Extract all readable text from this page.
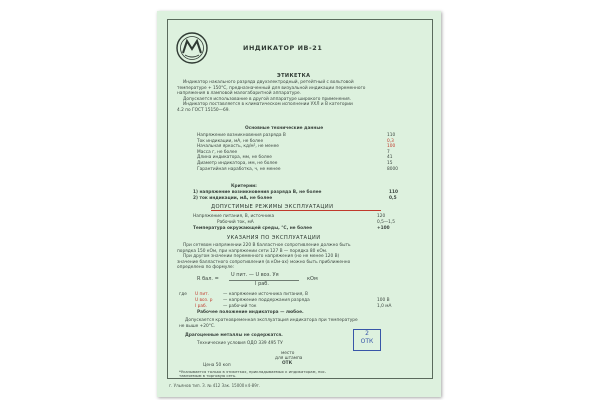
ИНДИКАТОР ИВ-21
ЭТИКЕТКА
Индикатор накального разряда двухэлектродный, ретейтный с вольтовой
температуре + 150°С, предназначенный для визуальной индикации переменного
напряжения в ламповой малогабаритной аппаратуре.
Допускается использование в другой аппаратуре широкого применения.
Индикатор поставляется в климатическом исполнении УХЛ и В категории
4.2 по ГОСТ 15150—69.
Основные технические данные
Напряжение возникновения разряда В	110
Ток индикации, мА, не более	0,3
Начальная яркость, кд/м², не менее	100
Масса г, не более	7
Длина индикатора, мм, не более	41
Диаметр индикатора, мм, не более	15
Гарантийная наработка, ч, не менее	8000
Критерии:
1) напряжение возникновения разряда В, не более	110
2) ток индикации, мА, не более	0,5
ДОПУСТИМЫЕ РЕЖИМЫ ЭКСПЛУАТАЦИИ
Напряжение питания, В, источника	120
Рабочий ток, мА	0,5—1,5
Температура окружающей среды, °С, не более	+100
УКАЗАНИЯ ПО ЭКСПЛУАТАЦИИ
При сетевом напряжении 220 В балластное сопротивление должно быть
порядка 150 кОм, при напряжении сети 127 В — порядка 80 кОм.
При другом значении переменного напряжения (но не менее 120 В)
значение балластного сопротивления (в кОм-ах) можно быть приближенно
определено по формуле:
R бал. =
U пит. — U вoз. Уя
I раб.
кОм
где U пит.	— напряжение источника питания, В
U вoз. р — напряжение поддержания разряда	100 В
I раб.	— рабочий ток	1,0 мА
Рабочее положение индикатора — любое.
Допускается кратковременная эксплуатация индикатора при температуре
не выше +20°С.
Драгоценные металлы не содержатся.
Технические условия ОДО 339 495 ТУ
место
для штампа
ОТК
2
ОТК
Цена 50 коп
*Указывается только в этикетках, прикладываемых к индикаторам, пос-
тавляемым в торговую сеть.
г. Ульянов тип. З. № 412 Зак. 15000×4-89г.
